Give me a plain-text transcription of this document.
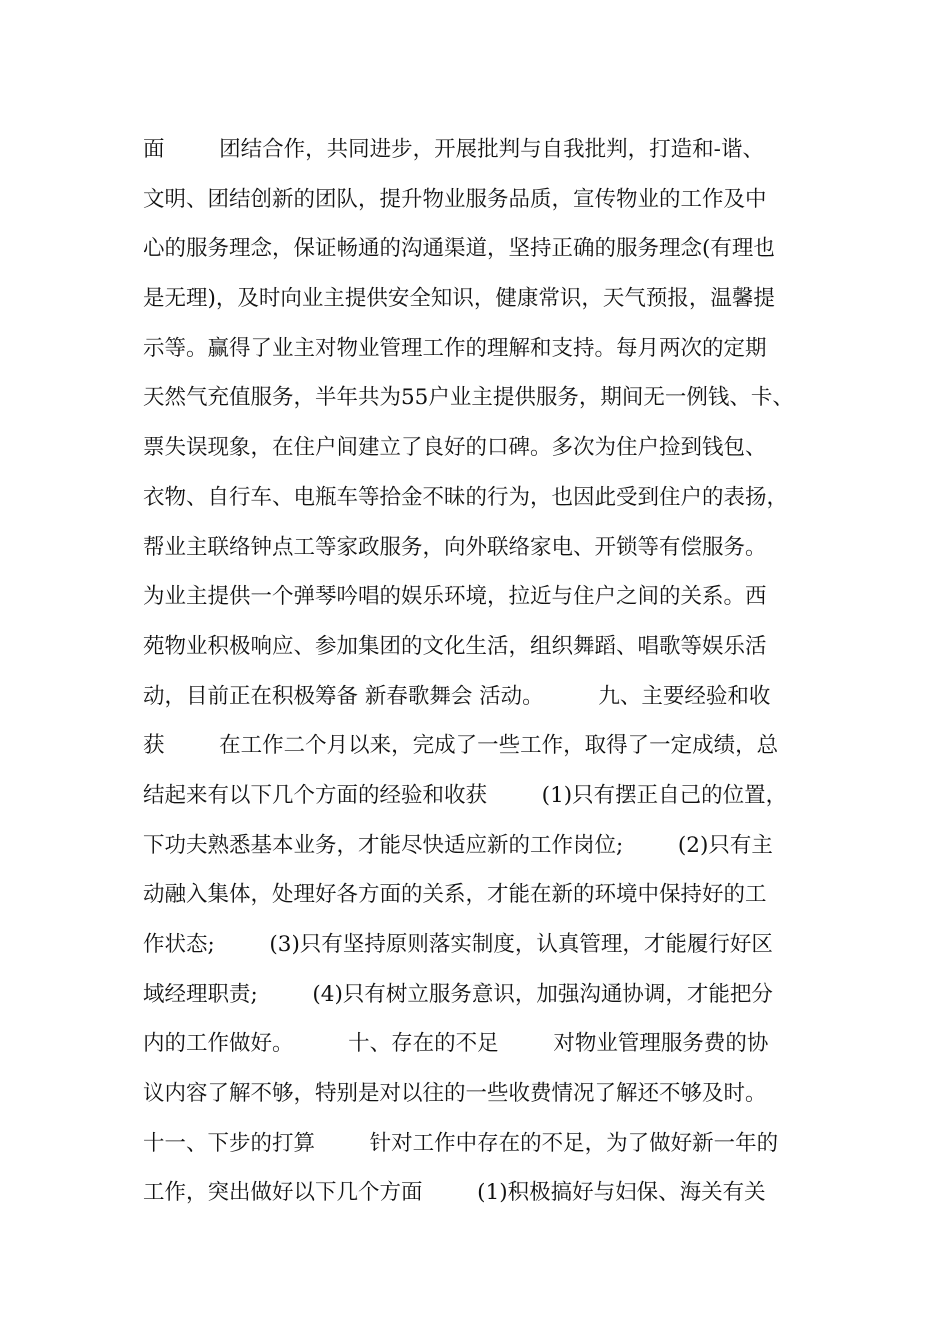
面        团结合作，共同进步，开展批判与自我批判，打造和-谐、
文明、团结创新的团队，提升物业服务品质，宣传物业的工作及中
心的服务理念，保证畅通的沟通渠道，坚持正确的服务理念(有理也
是无理)，及时向业主提供安全知识，健康常识，天气预报，温馨提
示等。赢得了业主对物业管理工作的理解和支持。每月两次的定期
天然气充值服务，半年共为55户业主提供服务，期间无一例钱、卡、
票失误现象，在住户间建立了良好的口碑。多次为住户捡到钱包、
衣物、自行车、电瓶车等拾金不昧的行为，也因此受到住户的表扬，
帮业主联络钟点工等家政服务，向外联络家电、开锁等有偿服务。
为业主提供一个弹琴吟唱的娱乐环境，拉近与住户之间的关系。西
苑物业积极响应、参加集团的文化生活，组织舞蹈、唱歌等娱乐活
动，目前正在积极筹备 新春歌舞会 活动。        九、主要经验和收
获        在工作二个月以来，完成了一些工作，取得了一定成绩，总
结起来有以下几个方面的经验和收获        (1)只有摆正自己的位置，
下功夫熟悉基本业务，才能尽快适应新的工作岗位;        (2)只有主
动融入集体，处理好各方面的关系，才能在新的环境中保持好的工
作状态;        (3)只有坚持原则落实制度，认真管理，才能履行好区
域经理职责;        (4)只有树立服务意识，加强沟通协调，才能把分
内的工作做好。        十、存在的不足        对物业管理服务费的协
议内容了解不够，特别是对以往的一些收费情况了解还不够及时。
十一、下步的打算        针对工作中存在的不足，为了做好新一年的
工作，突出做好以下几个方面        (1)积极搞好与妇保、海关有关
